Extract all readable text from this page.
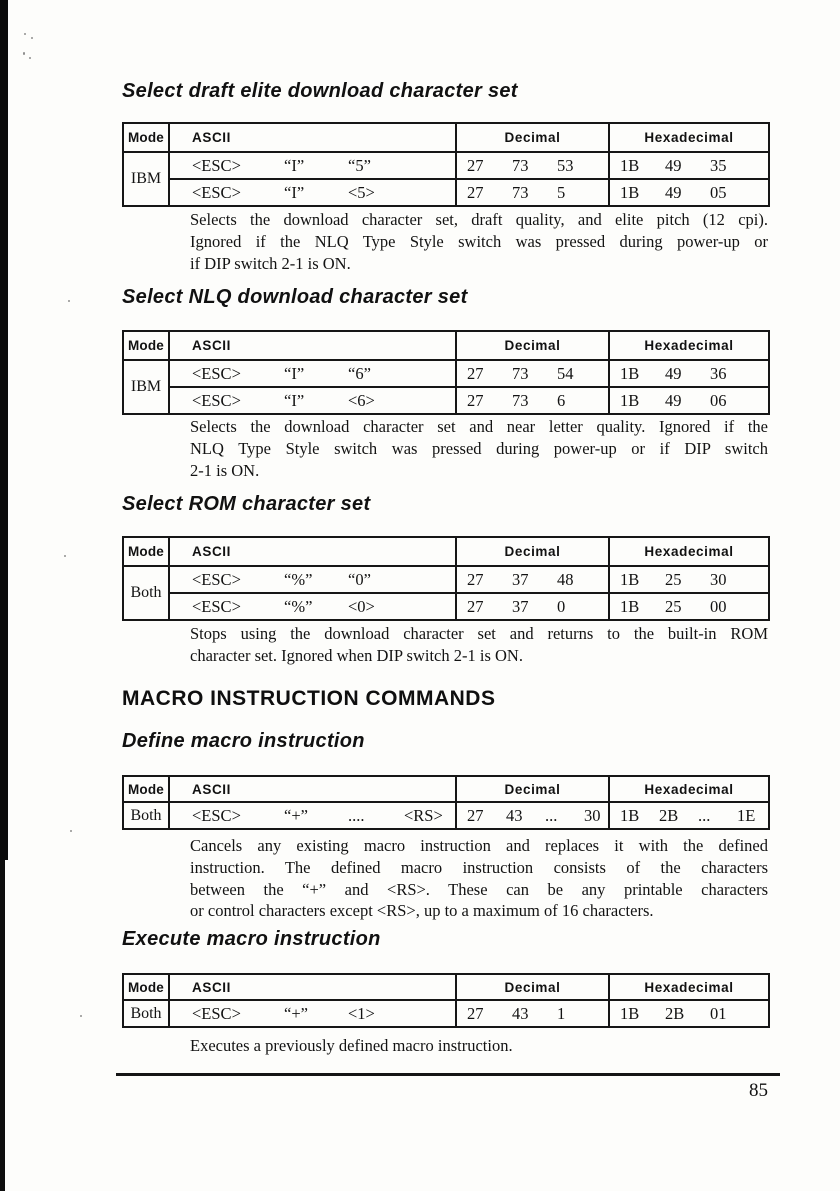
Select draft elite download character set
Mode	ASCII	Decimal	Hexadecimal
IBM	<ESC> “I” “5”	27 73 53	1B 49 35
	<ESC> “I” <5>	27 73 5	1B 49 05
Selects the download character set, draft quality, and elite pitch (12 cpi).
Ignored if the NLQ Type Style switch was pressed during power-up or
if DIP switch 2-1 is ON.
Select NLQ download character set
Mode	ASCII	Decimal	Hexadecimal
IBM	<ESC> “I” “6”	27 73 54	1B 49 36
	<ESC> “I” <6>	27 73 6	1B 49 06
Selects the download character set and near letter quality. Ignored if the
NLQ Type Style switch was pressed during power-up or if DIP switch
2-1 is ON.
Select ROM character set
Mode	ASCII	Decimal	Hexadecimal
Both	<ESC> “%” “0”	27 37 48	1B 25 30
	<ESC> “%” <0>	27 37 0	1B 25 00
Stops using the download character set and returns to the built-in ROM
character set. Ignored when DIP switch 2-1 is ON.
MACRO INSTRUCTION COMMANDS
Define macro instruction
Mode	ASCII	Decimal	Hexadecimal
Both	<ESC> “+” .... <RS>	27 43 ... 30	1B 2B ... 1E
Cancels any existing macro instruction and replaces it with the defined
instruction. The defined macro instruction consists of the characters
between the “+” and <RS>. These can be any printable characters
or control characters except <RS>, up to a maximum of 16 characters.
Execute macro instruction
Mode	ASCII	Decimal	Hexadecimal
Both	<ESC> “+” <1>	27 43 1	1B 2B 01
Executes a previously defined macro instruction.
85
